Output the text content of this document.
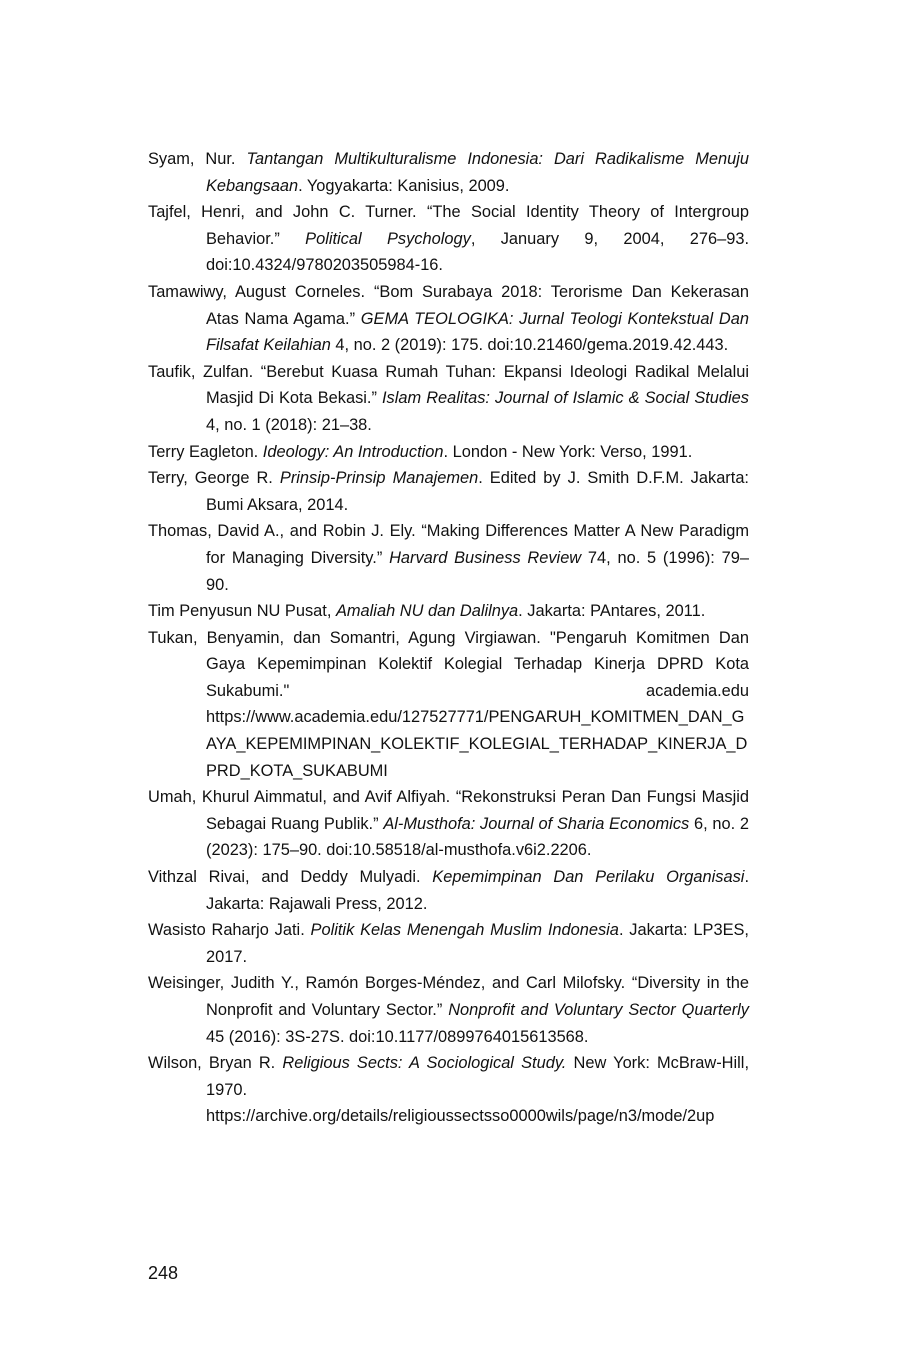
Syam, Nur. Tantangan Multikulturalisme Indonesia: Dari Radikalisme Menuju Kebangsaan. Yogyakarta: Kanisius, 2009.
Tajfel, Henri, and John C. Turner. “The Social Identity Theory of Intergroup Behavior.” Political Psychology, January 9, 2004, 276–93. doi:10.4324/9780203505984-16.
Tamawiwy, August Corneles. “Bom Surabaya 2018: Terorisme Dan Kekerasan Atas Nama Agama.” GEMA TEOLOGIKA: Jurnal Teologi Kontekstual Dan Filsafat Keilahian 4, no. 2 (2019): 175. doi:10.21460/gema.2019.42.443.
Taufik, Zulfan. “Berebut Kuasa Rumah Tuhan: Ekpansi Ideologi Radikal Melalui Masjid Di Kota Bekasi.” Islam Realitas: Journal of Islamic & Social Studies 4, no. 1 (2018): 21–38.
Terry Eagleton. Ideology: An Introduction. London - New York: Verso, 1991.
Terry, George R. Prinsip-Prinsip Manajemen. Edited by J. Smith D.F.M. Jakarta: Bumi Aksara, 2014.
Thomas, David A., and Robin J. Ely. “Making Differences Matter A New Paradigm for Managing Diversity.” Harvard Business Review 74, no. 5 (1996): 79–90.
Tim Penyusun NU Pusat, Amaliah NU dan Dalilnya. Jakarta: PAntares, 2011.
Tukan, Benyamin, dan Somantri, Agung Virgiawan. "Pengaruh Komitmen Dan Gaya Kepemimpinan Kolektif Kolegial Terhadap Kinerja DPRD Kota Sukabumi." academia.edu https://www.academia.edu/127527771/PENGARUH_KOMITMEN_DAN_GAYA_KEPEMIMPINAN_KOLEKTIF_KOLEGIAL_TERHADAP_KINERJA_DPRD_KOTA_SUKABUMI
Umah, Khurul Aimmatul, and Avif Alfiyah. “Rekonstruksi Peran Dan Fungsi Masjid Sebagai Ruang Publik.” Al-Musthofa: Journal of Sharia Economics 6, no. 2 (2023): 175–90. doi:10.58518/al-musthofa.v6i2.2206.
Vithzal Rivai, and Deddy Mulyadi. Kepemimpinan Dan Perilaku Organisasi. Jakarta: Rajawali Press, 2012.
Wasisto Raharjo Jati. Politik Kelas Menengah Muslim Indonesia. Jakarta: LP3ES, 2017.
Weisinger, Judith Y., Ramón Borges-Méndez, and Carl Milofsky. “Diversity in the Nonprofit and Voluntary Sector.” Nonprofit and Voluntary Sector Quarterly 45 (2016): 3S-27S. doi:10.1177/0899764015613568.
Wilson, Bryan R. Religious Sects: A Sociological Study. New York: McBraw-Hill, 1970. https://archive.org/details/religioussectsso0000wils/page/n3/mode/2up
248
